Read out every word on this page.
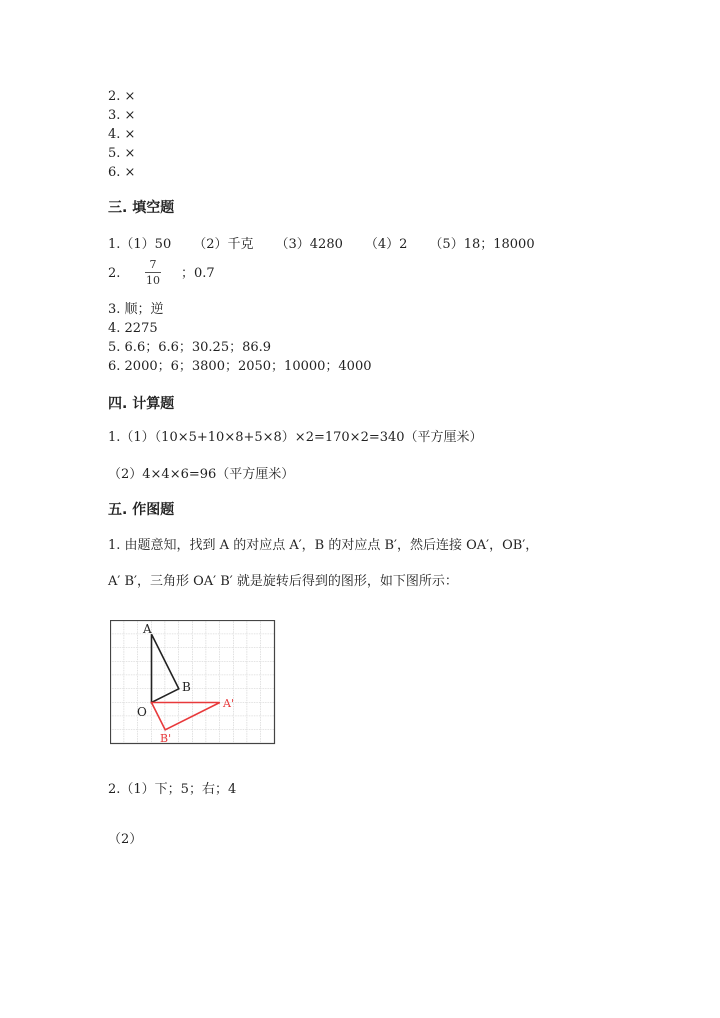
2. ×
3. ×
4. ×
5. ×
6. ×
三. 填空题
1.（1）50 （2）千克 （3）4280 （4）2 （5）18；18000
2.
7
10 ；0.7
3. 顺；逆
4. 2275
5. 6.6；6.6；30.25；86.9
6. 2000；6；3800；2050；10000；4000
四. 计算题
1.（1）（10×5+10×8+5×8）×2=170×2=340（平方厘米）
（2）4×4×6=96（平方厘米）
五. 作图题
1. 由题意知，找到 A 的对应点 A′，B 的对应点 B′，然后连接 OA′，OB′，
A′ B′，三角形 OA′ B′ 就是旋转后得到的图形，如下图所示：
A
B
O
A'
B'
2.（1）下；5；右；4
（2）
